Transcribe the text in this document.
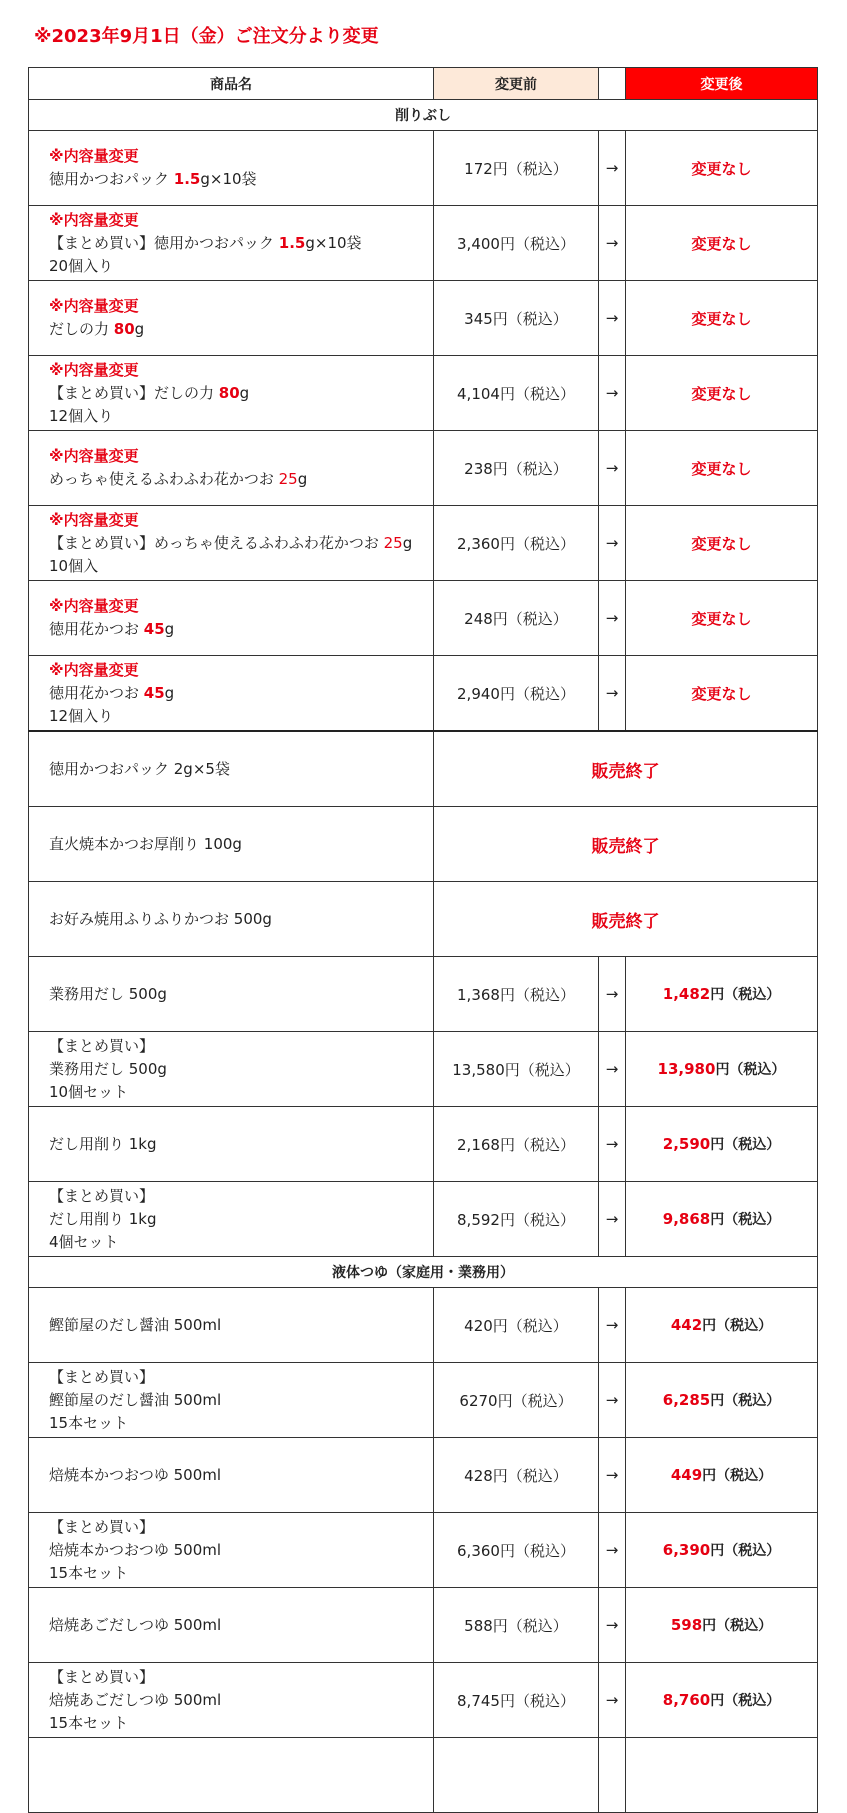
※2023年9月1日（金）ご注文分より変更
商品名	変更前		変更後
削りぶし			

※内容量変更
徳用かつおパック 1.5g×10袋	172円（税込）	→	変更なし

※内容量変更
【まとめ買い】徳用かつおパック 1.5g×10袋
20個入り	3,400円（税込）	→	変更なし

※内容量変更
だしの力 80g	345円（税込）	→	変更なし

※内容量変更
【まとめ買い】だしの力 80g
12個入り	4,104円（税込）	→	変更なし

※内容量変更
めっちゃ使えるふわふわ花かつお 25g	238円（税込）	→	変更なし

※内容量変更
【まとめ買い】めっちゃ使えるふわふわ花かつお 25g
10個入	2,360円（税込）	→	変更なし

※内容量変更
徳用花かつお 45g	248円（税込）	→	変更なし

※内容量変更
徳用花かつお 45g
12個入り	2,940円（税込）	→	変更なし
徳用かつおパック 2g×5袋	販売終了		
直火焼本かつお厚削り 100g	販売終了		
お好み焼用ふりふりかつお 500g	販売終了		

業務用だし 500g	1,368円（税込）	→	1,482円（税込）

【まとめ買い】
業務用だし 500g
10個セット	13,580円（税込）	→	13,980円（税込）

だし用削り 1kg	2,168円（税込）	→	2,590円（税込）

【まとめ買い】
だし用削り 1kg
4個セット	8,592円（税込）	→	9,868円（税込）
液体つゆ（家庭用・業務用）			

鰹節屋のだし醤油 500ml	420円（税込）	→	442円（税込）

【まとめ買い】
鰹節屋のだし醤油 500ml
15本セット	6270円（税込）	→	6,285円（税込）

焙焼本かつおつゆ 500ml	428円（税込）	→	449円（税込）

【まとめ買い】
焙焼本かつおつゆ 500ml
15本セット	6,360円（税込）	→	6,390円（税込）

焙焼あごだしつゆ 500ml	588円（税込）	→	598円（税込）

【まとめ買い】
焙焼あごだしつゆ 500ml
15本セット	8,745円（税込）	→	8,760円（税込）
